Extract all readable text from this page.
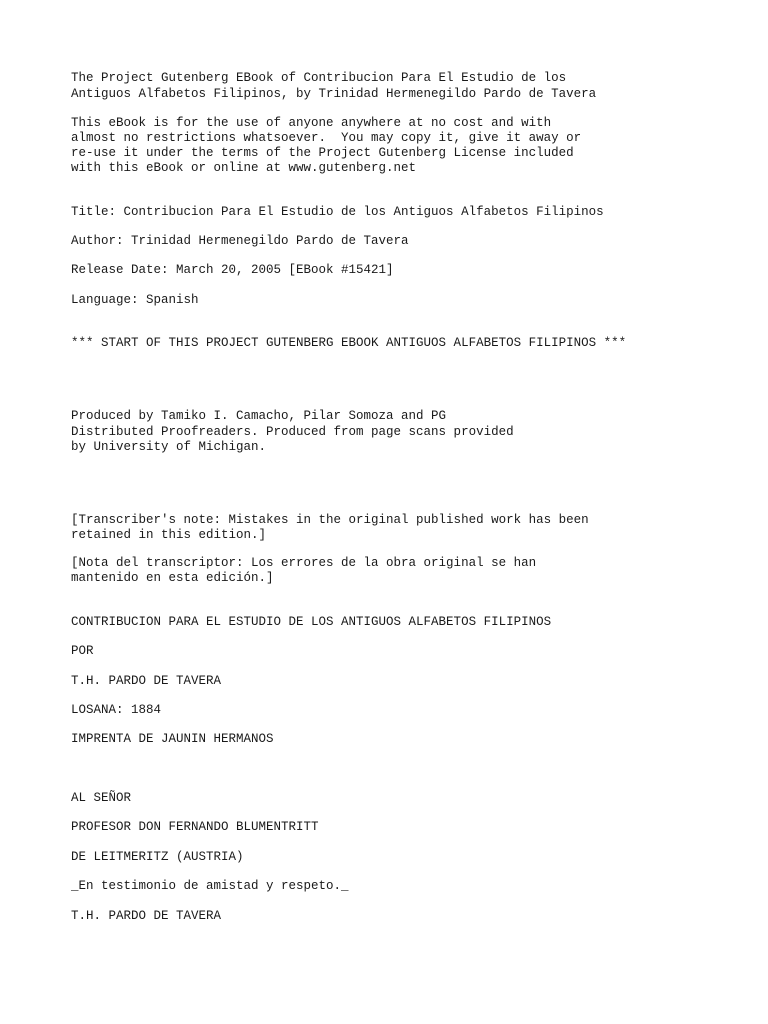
The Project Gutenberg EBook of Contribucion Para El Estudio de los

Antiguos Alfabetos Filipinos, by Trinidad Hermenegildo Pardo de Tavera

This eBook is for the use of anyone anywhere at no cost and with

almost no restrictions whatsoever.  You may copy it, give it away or

re-use it under the terms of the Project Gutenberg License included

with this eBook or online at www.gutenberg.net

Title: Contribucion Para El Estudio de los Antiguos Alfabetos Filipinos

Author: Trinidad Hermenegildo Pardo de Tavera

Release Date: March 20, 2005 [EBook #15421]

Language: Spanish

*** START OF THIS PROJECT GUTENBERG EBOOK ANTIGUOS ALFABETOS FILIPINOS ***

Produced by Tamiko I. Camacho, Pilar Somoza and PG

Distributed Proofreaders. Produced from page scans provided

by University of Michigan.

[Transcriber's note: Mistakes in the original published work has been

retained in this edition.]

[Nota del transcriptor: Los errores de la obra original se han

mantenido en esta edición.]

CONTRIBUCION PARA EL ESTUDIO DE LOS ANTIGUOS ALFABETOS FILIPINOS

POR

T.H. PARDO DE TAVERA

LOSANA: 1884

IMPRENTA DE JAUNIN HERMANOS

AL SEÑOR

PROFESOR DON FERNANDO BLUMENTRITT

DE LEITMERITZ (AUSTRIA)

_En testimonio de amistad y respeto._

T.H. PARDO DE TAVERA
